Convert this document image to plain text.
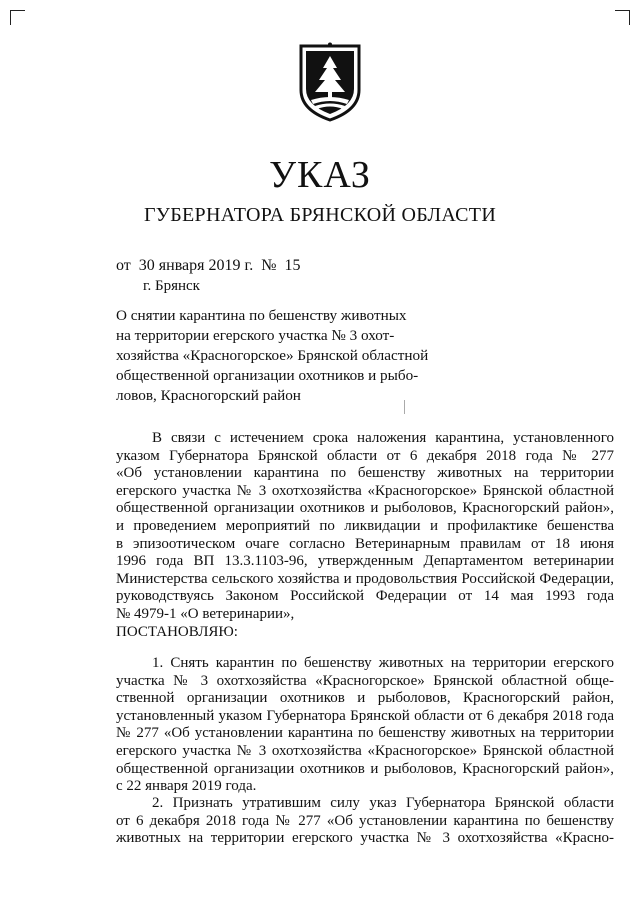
УКАЗ
ГУБЕРНАТОРА БРЯНСКОЙ ОБЛАСТИ
от  30 января 2019 г.  №  15
г. Брянск
О снятии карантина по бешенству животных
на территории егерского участка № 3 охот-
хозяйства «Красногорское» Брянской областной
общественной организации охотников и рыбо-
ловов, Красногорский район
В связи с истечением срока наложения карантина, установленного
указом Губернатора Брянской области от 6 декабря 2018 года № 277
«Об установлении карантина по бешенству животных на территории
егерского участка № 3 охотхозяйства «Красногорское» Брянской областной
общественной организации охотников и рыболовов, Красногорский район»,
и проведением мероприятий по ликвидации и профилактике бешенства
в эпизоотическом очаге согласно Ветеринарным правилам от 18 июня
1996 года ВП 13.3.1103-96, утвержденным Департаментом ветеринарии
Министерства сельского хозяйства и продовольствия Российской Федерации,
руководствуясь Законом Российской Федерации от 14 мая 1993 года
№ 4979-1 «О ветеринарии»,
ПОСТАНОВЛЯЮ:
1. Снять карантин по бешенству животных на территории егерского
участка № 3 охотхозяйства «Красногорское» Брянской областной обще-
ственной организации охотников и рыболовов, Красногорский район,
установленный указом Губернатора Брянской области от 6 декабря 2018 года
№ 277 «Об установлении карантина по бешенству животных на территории
егерского участка № 3 охотхозяйства «Красногорское» Брянской областной
общественной организации охотников и рыболовов, Красногорский район»,
с 22 января 2019 года.
2. Признать утратившим силу указ Губернатора Брянской области
от 6 декабря 2018 года № 277 «Об установлении карантина по бешенству
животных на территории егерского участка № 3 охотхозяйства «Красно-
